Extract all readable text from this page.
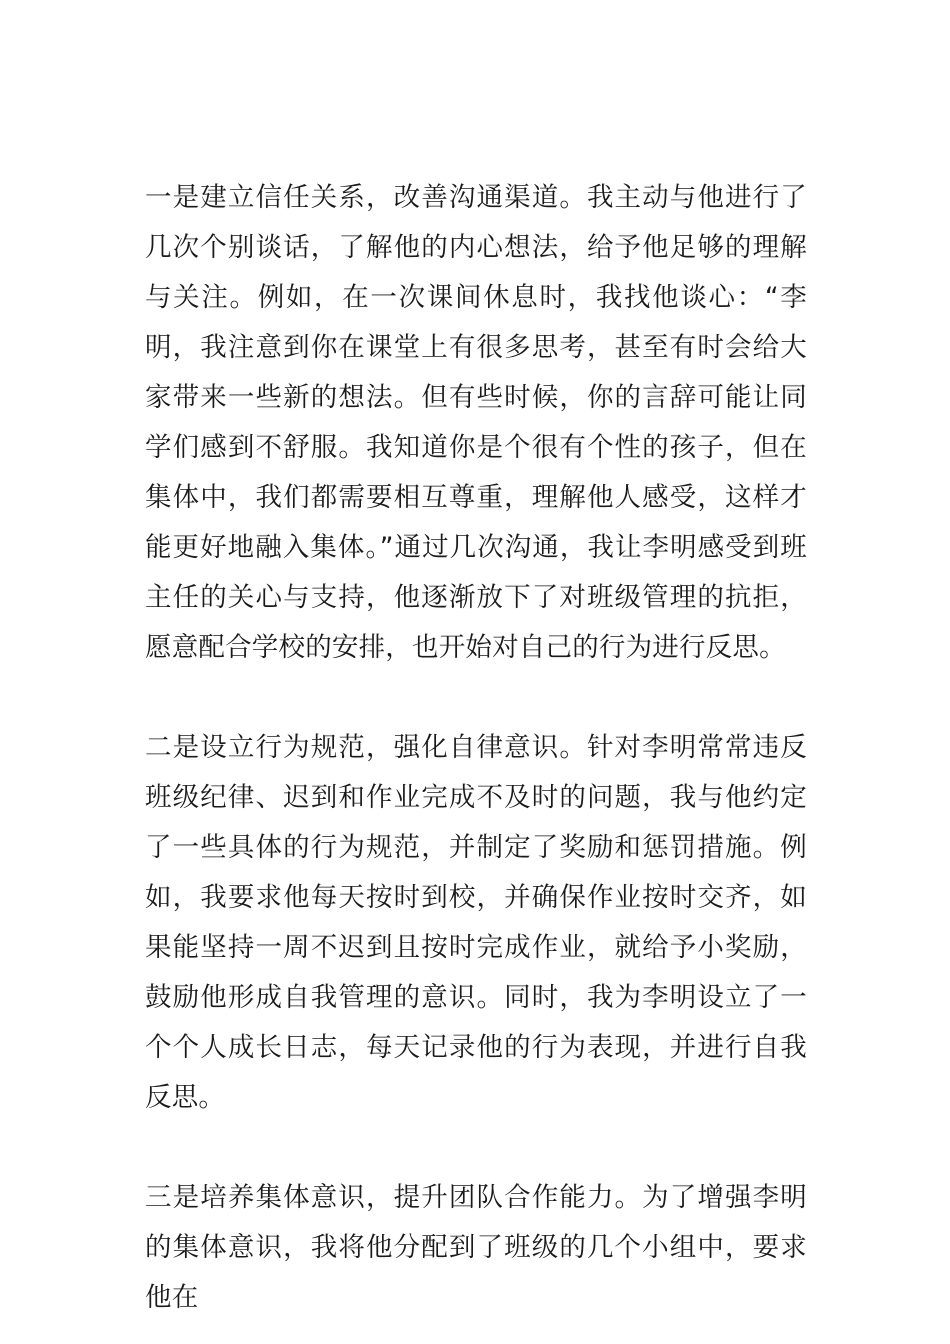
一是建立信任关系，改善沟通渠道。我主动与他进行了几次个别谈话，了解他的内心想法，给予他足够的理解与关注。例如，在一次课间休息时，我找他谈心：“李明，我注意到你在课堂上有很多思考，甚至有时会给大家带来一些新的想法。但有些时候，你的言辞可能让同学们感到不舒服。我知道你是个很有个性的孩子，但在集体中，我们都需要相互尊重，理解他人感受，这样才能更好地融入集体。”通过几次沟通，我让李明感受到班主任的关心与支持，他逐渐放下了对班级管理的抗拒，愿意配合学校的安排，也开始对自己的行为进行反思。

二是设立行为规范，强化自律意识。针对李明常常违反班级纪律、迟到和作业完成不及时的问题，我与他约定了一些具体的行为规范，并制定了奖励和惩罚措施。例如，我要求他每天按时到校，并确保作业按时交齐，如果能坚持一周不迟到且按时完成作业，就给予小奖励，鼓励他形成自我管理的意识。同时，我为李明设立了一个个人成长日志，每天记录他的行为表现，并进行自我反思。

三是培养集体意识，提升团队合作能力。为了增强李明的集体意识，我将他分配到了班级的几个小组中，要求他在
